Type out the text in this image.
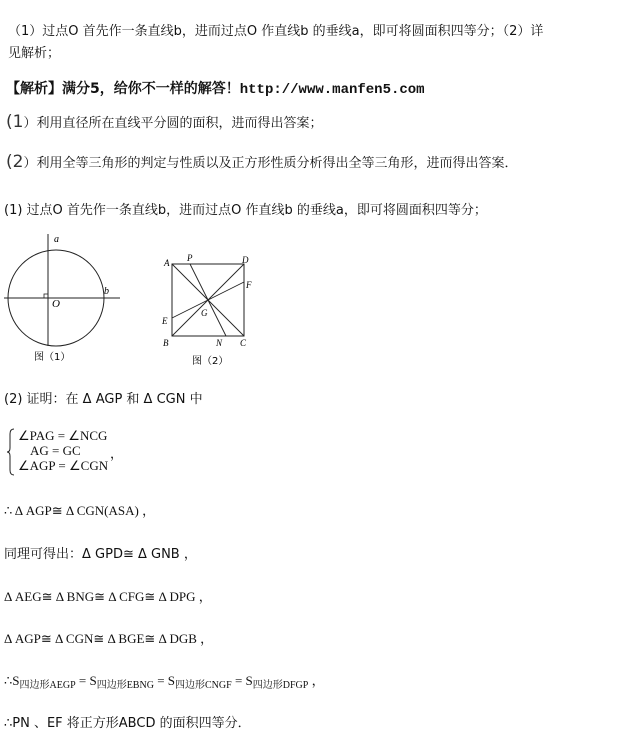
（1）过点O 首先作一条直线b，进而过点O 作直线b 的垂线a，即可将圆面积四等分；（2）详
见解析；
【解析】满分5，给你不一样的解答！http://www.manfen5.com
(1）利用直径所在直线平分圆的面积，进而得出答案；
(2）利用全等三角形的判定与性质以及正方形性质分析得出全等三角形，进而得出答案．
(1) 过点O 首先作一条直线b，进而过点O 作直线b 的垂线a，即可将圆面积四等分；
a
b
O
图（1）
A P	D
F
E
G
B	N C
图（2）
(2) 证明：在 Δ AGP 和 Δ CGN 中
∠PAG = ∠NCG
AG = GC
∠AGP = ∠CGN
，
∴ Δ AGP≅ Δ CGN(ASA) ，
同理可得出：Δ GPD≅ Δ GNB ，
Δ AEG≅ Δ BNG≅ Δ CFG≅ Δ DPG ，
Δ AGP≅ Δ CGN≅ Δ BGE≅ Δ DGB ，
$\therefore S_{四边形AEGP} = S_{四边形EBNG} = S_{四边形CNGF} = S_{四边形DFGP}$ ，
∴PN 、EF 将正方形ABCD 的面积四等分．
